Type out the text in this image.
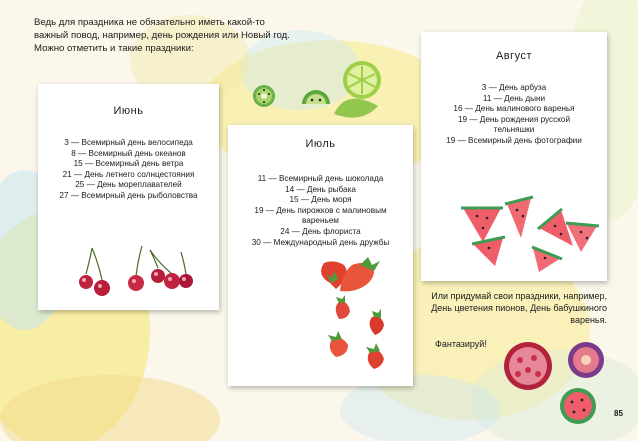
Ведь для праздника не обязательно иметь какой-то
важный повод, например, день рождения или Новый год.
Можно отметить и такие праздники:
Июнь
3 — Всемирный день велосипеда
8 — Всемирный день океанов
15 — Всемирный день ветра
21 — День летнего солнцестояния
25 — День мореплавателей
27 — Всемирный день рыболовства
Июль
11 — Всемирный день шоколада
14 — День рыбака
15 — День моря
19 — День пирожков с малиновым
вареньем
24 — День флориста
30 — Международный день дружбы
Август
3 — День арбуза
11 — День дыни
16 — День малинового варенья
19 — День рождения русской
тельняшки
19 — Всемирный день фотографии
Или придумай свои праздники, например, День цветения пионов, День бабушкиного варенья.
Фантазируй!
85
